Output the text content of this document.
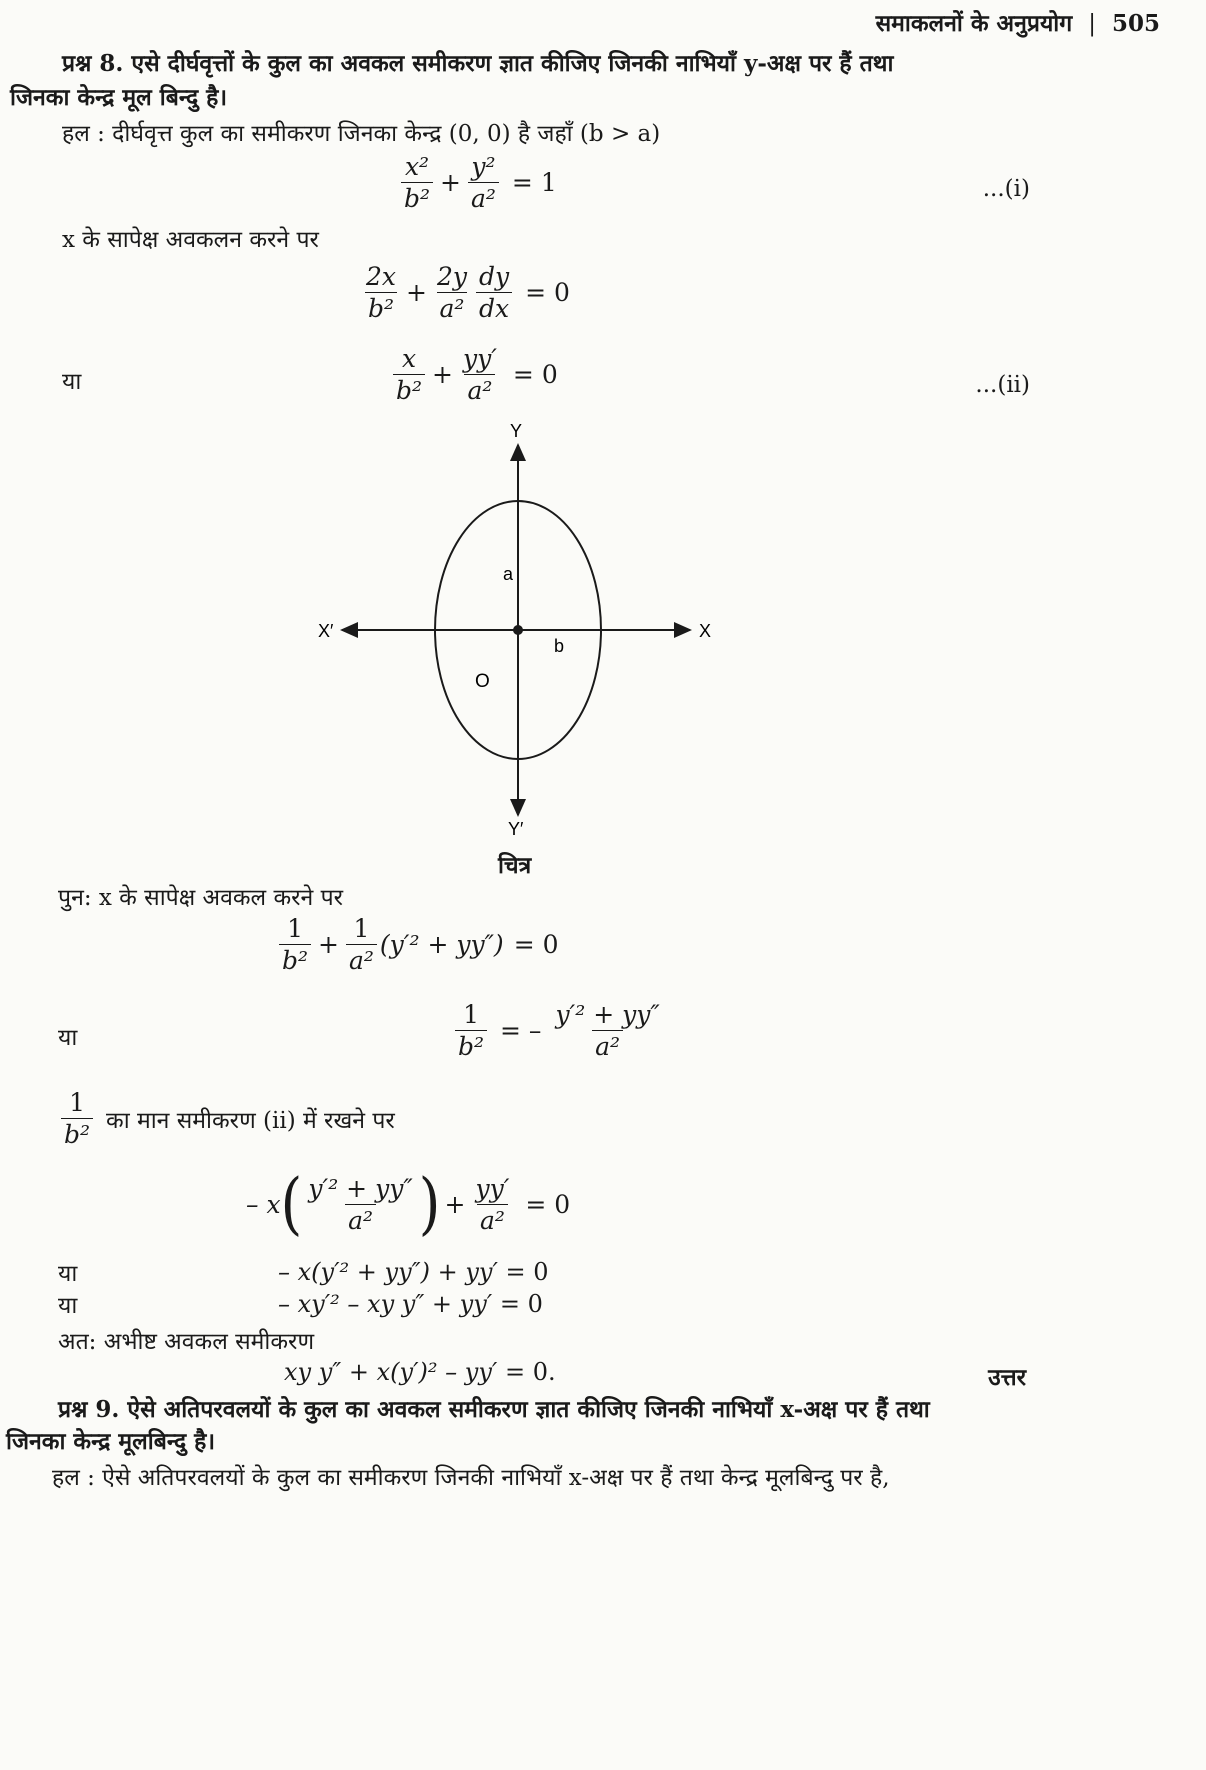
समाकलनों के अनुप्रयोग | 505
प्रश्न 8. एसे दीर्घवृत्तों के कुल का अवकल समीकरण ज्ञात कीजिए जिनकी नाभियाँ y-अक्ष पर हैं तथा
जिनका केन्द्र मूल बिन्दु है।
हल : दीर्घवृत्त कुल का समीकरण जिनका केन्द्र (0, 0) है जहाँ (b > a)
$\frac{\text{x²}}{\text{b²}} + \frac{\text{y²}}{\text{a²}} = 1$	...(i)
x के सापेक्ष अवकलन करने पर
$\frac{2x}{\text{b²}} + \frac{2y}{\text{a²}} \frac{dy}{dx} = 0$
या	$\frac{x}{\text{b²}} + \frac{yy'}{\text{a²}} = 0$	...(ii)
Y
Y′
X
X′
a
b
O
चित्र
पुन: x के सापेक्ष अवकल करने पर
$\frac{1}{\text{b²}} + \frac{1}{\text{a²}} (y'^2 + yy'') = 0$
या	$\frac{1}{\text{b²}}$ = – $\frac{\text{y′² + yy″}}{\text{a²}}$
$\frac{1}{\text{b²}}$ का मान समीकरण (ii) में रखने पर
– x ( $\frac{\text{y′² + yy″}}{\text{a²}}$ ) + $\frac{yy'}{\text{a²}} = 0$
या	– x(y′² + yy″) + yy′ = 0
या	– xy′² – xy y″ + yy′ = 0
अत: अभीष्ट अवकल समीकरण
xy y″ + x(y′)² – yy′ = 0.	उत्तर
प्रश्न 9. ऐसे अतिपरवलयों के कुल का अवकल समीकरण ज्ञात कीजिए जिनकी नाभियाँ x-अक्ष पर हैं तथा
जिनका केन्द्र मूलबिन्दु है।
हल : ऐसे अतिपरवलयों के कुल का समीकरण जिनकी नाभियाँ x-अक्ष पर हैं तथा केन्द्र मूलबिन्दु पर है,
